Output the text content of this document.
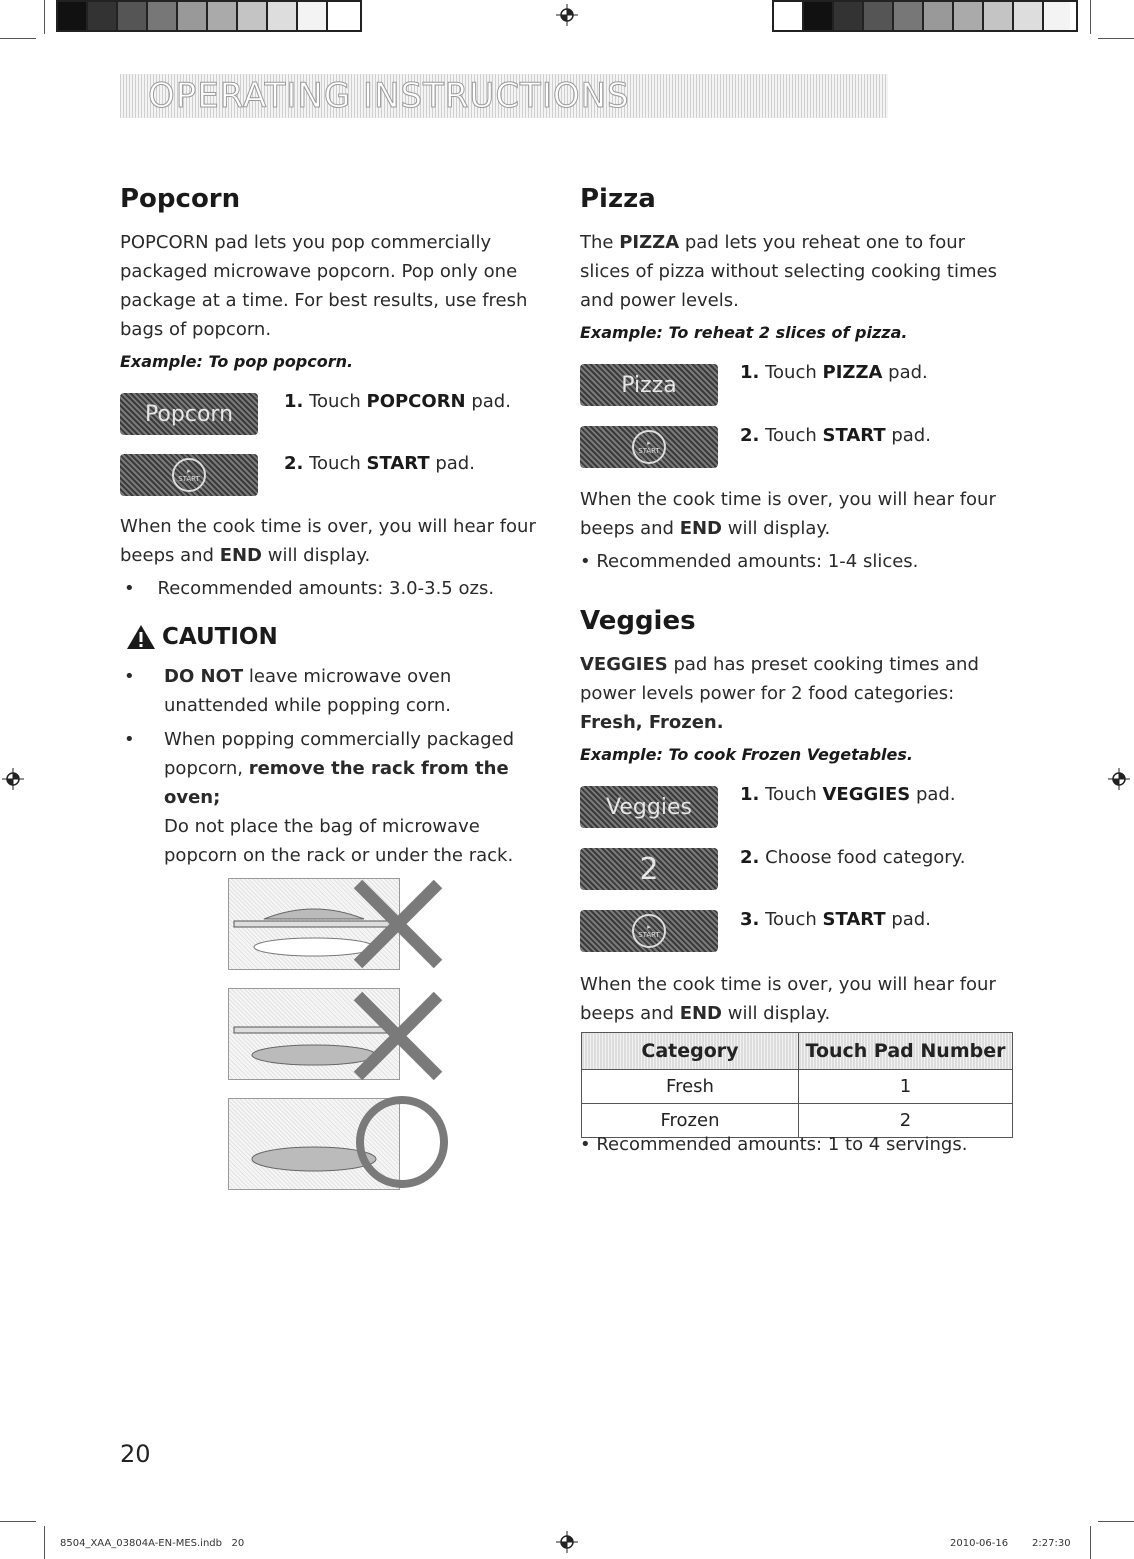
OPERATING INSTRUCTIONS
Popcorn

POPCORN pad lets you pop commercially

packaged microwave popcorn. Pop only one

package at a time. For best results, use fresh

bags of popcorn.

Example: To pop popcorn.
Popcorn	1. Touch POPCORN pad.
▸
START
2. Touch START pad.

When the cook time is over, you will hear four

beeps and END will display.

•    Recommended amounts: 3.0-3.5 ozs.

CAUTION
• DO NOT leave microwave oven
unattended while popping corn.
• When popping commercially packaged
popcorn, remove the rack from the
oven;
Do not place the bag of microwave
popcorn on the rack or under the rack.
Pizza

The PIZZA pad lets you reheat one to four

slices of pizza without selecting cooking times

and power levels.

Example: To reheat 2 slices of pizza.
Pizza	1. Touch PIZZA pad.
▸
START
2. Touch START pad.

When the cook time is over, you will hear four

beeps and END will display.

• Recommended amounts: 1-4 slices.

Veggies

VEGGIES pad has preset cooking times and

power levels power for 2 food categories:

Fresh, Frozen.

Example: To cook Frozen Vegetables.
Veggies	1. Touch VEGGIES pad.
2	2. Choose food category.
▸
START
3. Touch START pad.

When the cook time is over, you will hear four

beeps and END will display.

Category	Touch Pad Number
Fresh	1
Frozen	2

• Recommended amounts: 1 to 4 servings.

20
8504_XAA_03804A-EN-MES.indb   20	2010-06-16 2:27:30
